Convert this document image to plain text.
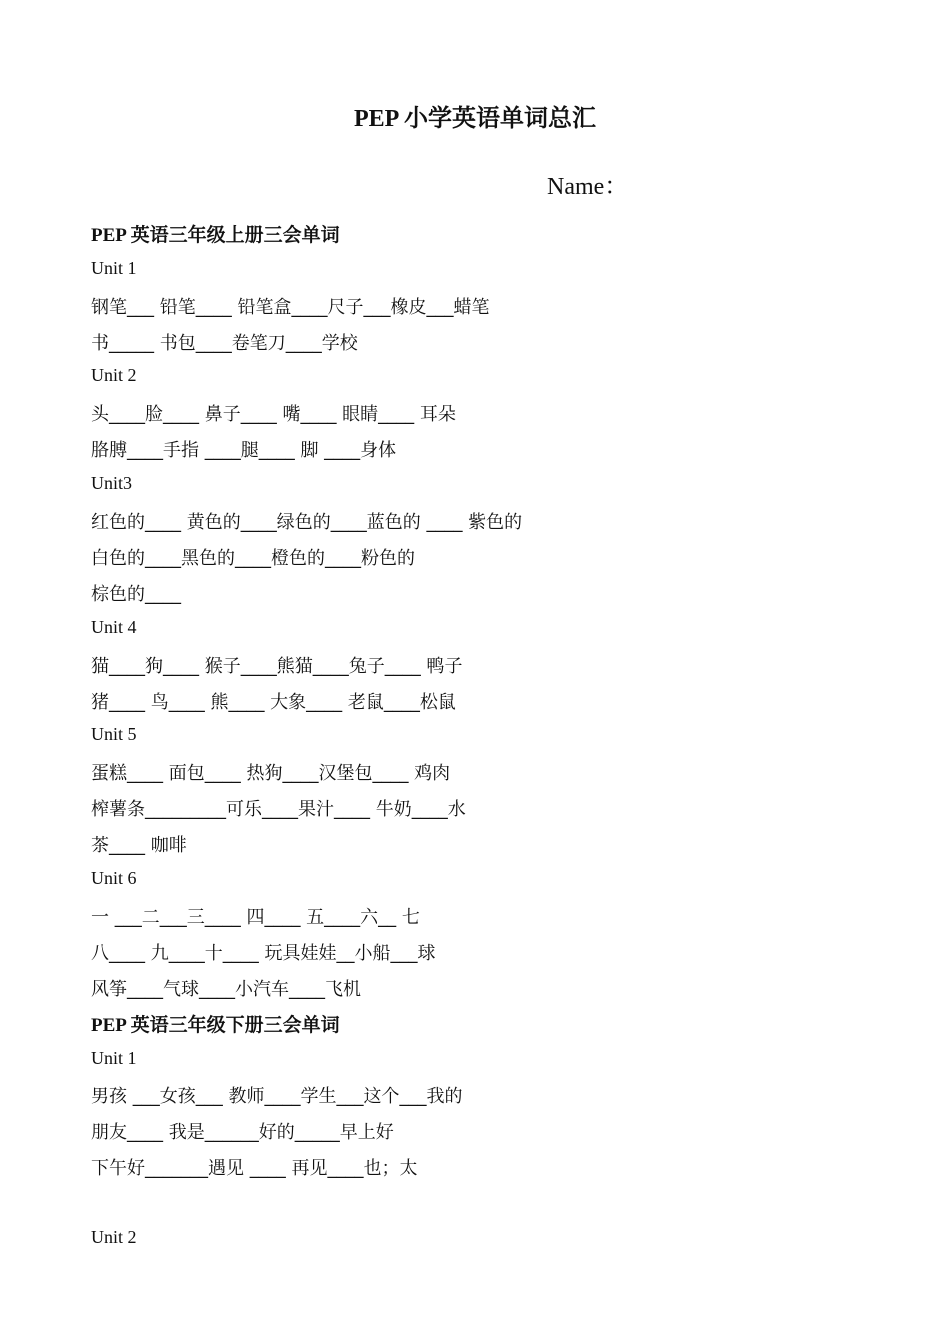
PEP 小学英语单词总汇
Name：
PEP 英语三年级上册三会单词
Unit 1
钢笔___ 铅笔____ 铅笔盒____尺子___橡皮___蜡笔
书_____ 书包____卷笔刀____学校
Unit 2
头____脸____ 鼻子____ 嘴____ 眼睛____ 耳朵
胳膊____手指 ____腿____ 脚 ____身体
Unit3
红色的____ 黄色的____绿色的____蓝色的 ____ 紫色的
白色的____黑色的____橙色的____粉色的
棕色的____
Unit 4
猫____狗____ 猴子____熊猫____兔子____ 鸭子
猪____ 鸟____ 熊____ 大象____ 老鼠____松鼠
Unit 5
蛋糕____ 面包____ 热狗____汉堡包____ 鸡肉
榨薯条_________可乐____果汁____ 牛奶____水
茶____ 咖啡
Unit 6
一 ___二___三____ 四____ 五____六__ 七
八____ 九____十____ 玩具娃娃__小船___球
风筝____气球____小汽车____飞机
PEP 英语三年级下册三会单词
Unit 1
男孩 ___女孩___ 教师____学生___这个___我的
朋友____ 我是______好的_____早上好
下午好_______遇见 ____ 再见____也；太
Unit 2
